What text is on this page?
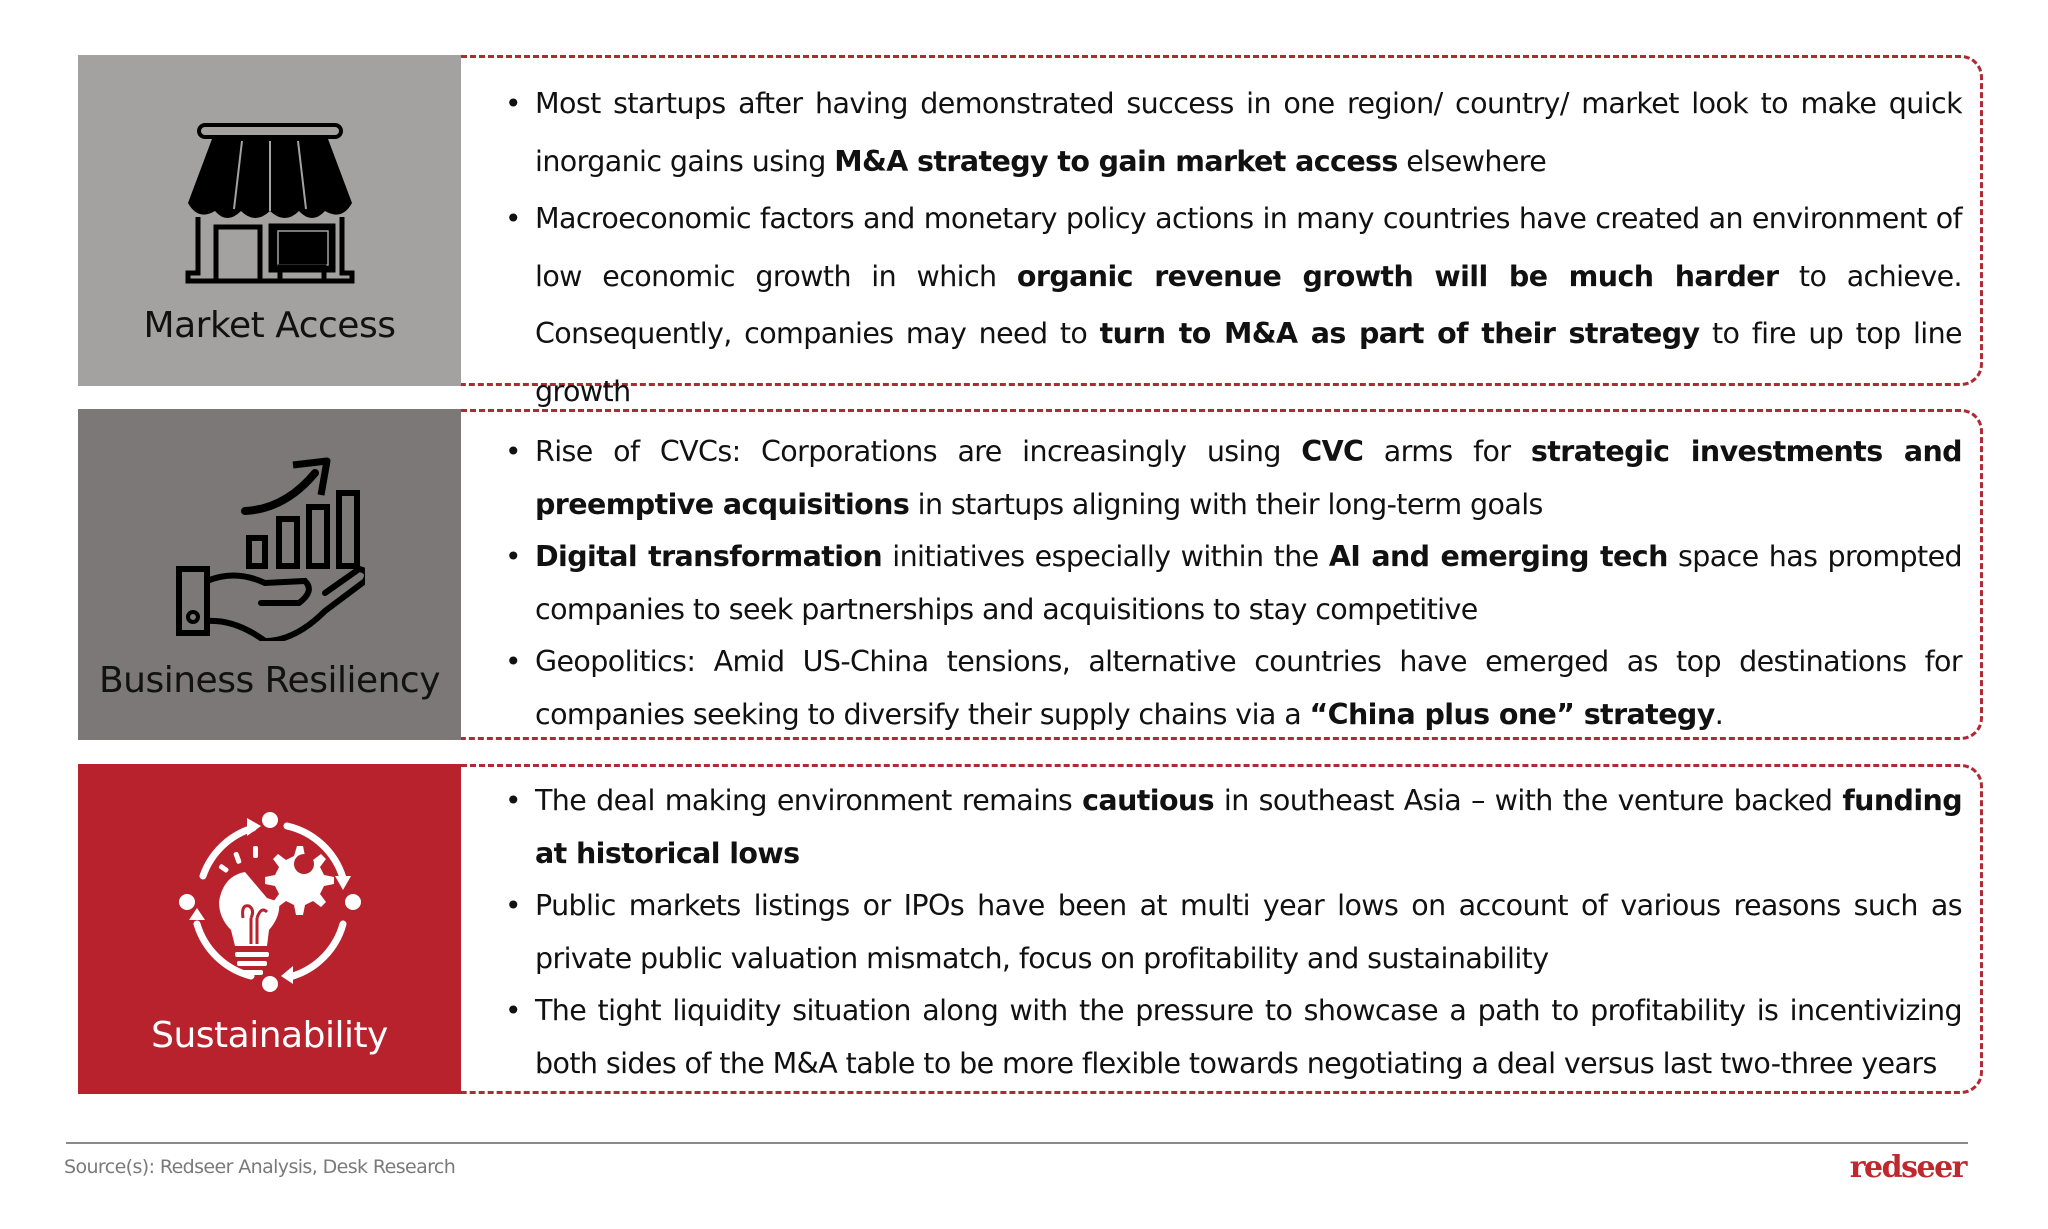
Market Access
• Most startups after having demonstrated success in one region/ country/ market look to make quick inorganic gains using M&A strategy to gain market access elsewhere
• Macroeconomic factors and monetary policy actions in many countries have created an environment of low economic growth in which organic revenue growth will be much harder to achieve. Consequently, companies may need to turn to M&A as part of their strategy to fire up top line growth
Business Resiliency
• Rise of CVCs: Corporations are increasingly using CVC arms for strategic investments and preemptive acquisitions in startups aligning with their long-term goals
• Digital transformation initiatives especially within the AI and emerging tech space has prompted companies to seek partnerships and acquisitions to stay competitive
• Geopolitics: Amid US-China tensions, alternative countries have emerged as top destinations for companies seeking to diversify their supply chains via a “China plus one” strategy.
Sustainability
• The deal making environment remains cautious in southeast Asia – with the venture backed funding at historical lows
• Public markets listings or IPOs have been at multi year lows on account of various reasons such as private public valuation mismatch, focus on profitability and sustainability
• The tight liquidity situation along with the pressure to showcase a path to profitability is incentivizing both sides of the M&A table to be more flexible towards negotiating a deal versus last two-three years
Source(s): Redseer Analysis, Desk Research	redseer
